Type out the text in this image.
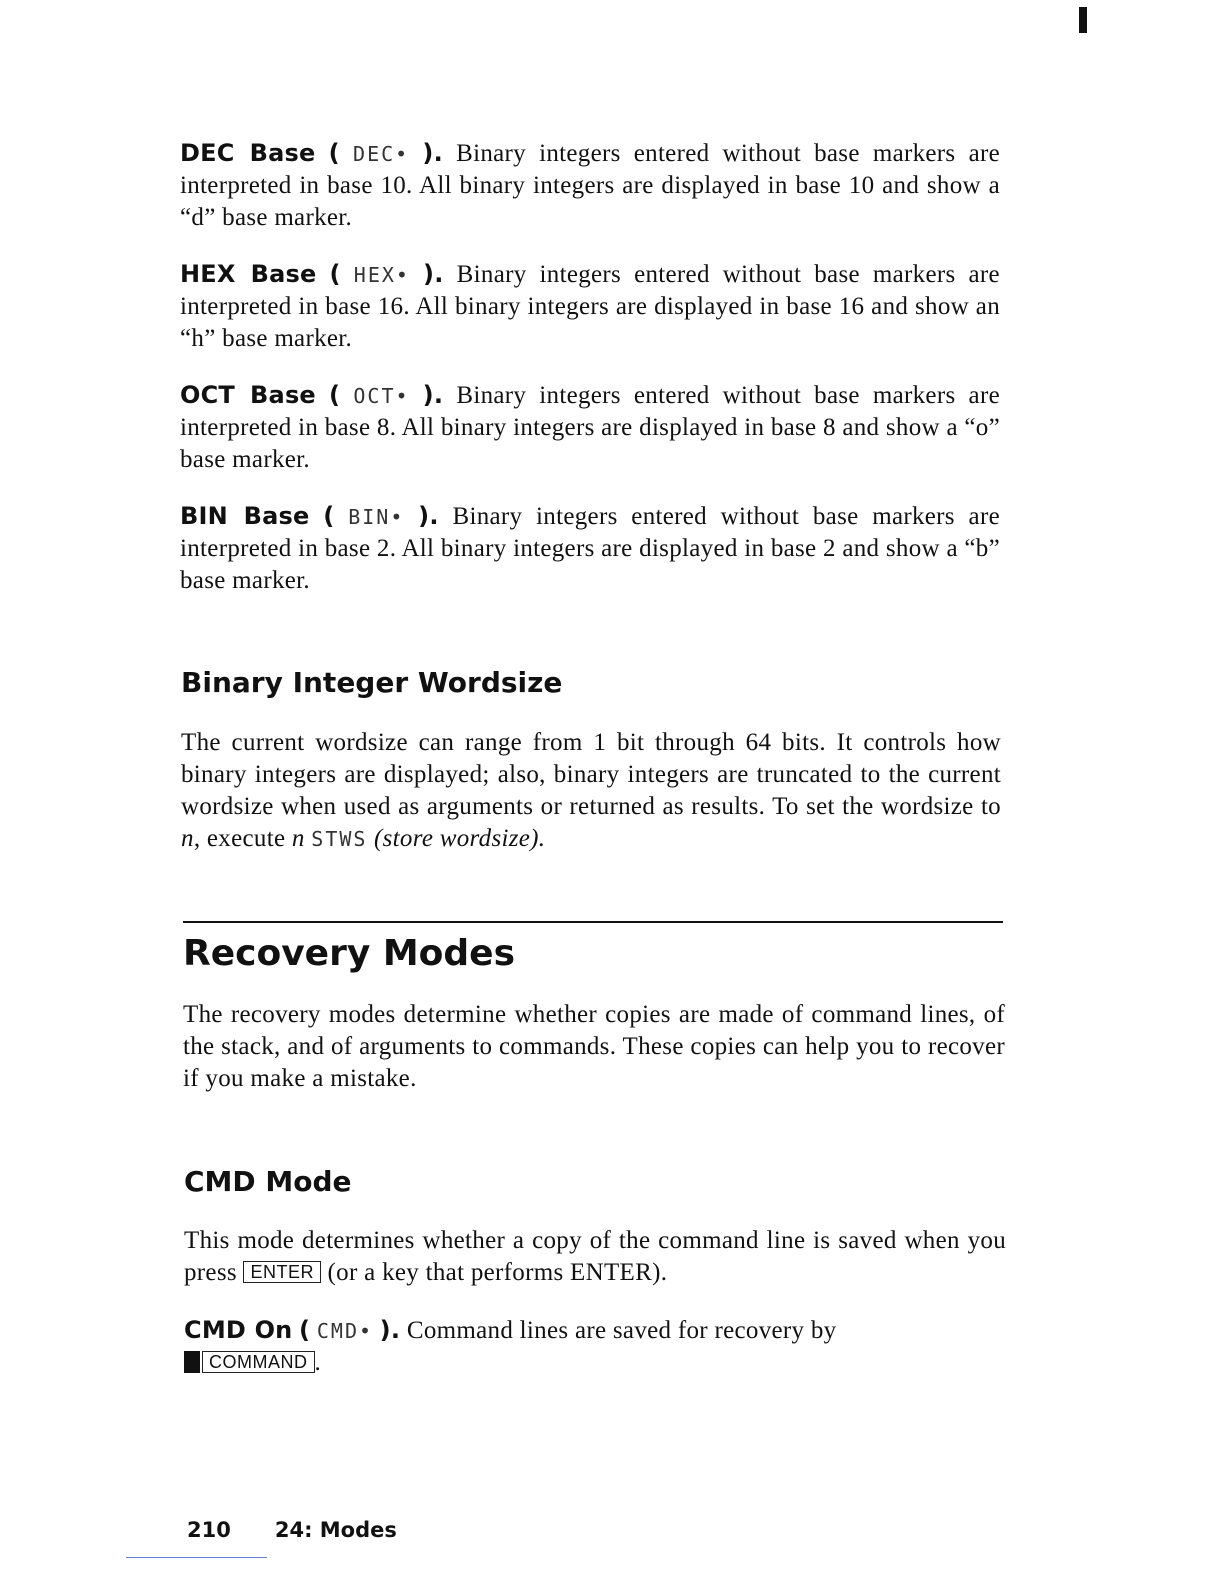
DEC Base ( DEC• ). Binary integers entered without base markers are interpreted in base 10. All binary integers are displayed in base 10 and show a “d” base marker.

HEX Base ( HEX• ). Binary integers entered without base markers are interpreted in base 16. All binary integers are displayed in base 16 and show an “h” base marker.

OCT Base ( OCT• ). Binary integers entered without base markers are interpreted in base 8. All binary integers are displayed in base 8 and show a “o” base marker.

BIN Base ( BIN• ). Binary integers entered without base markers are interpreted in base 2. All binary integers are displayed in base 2 and show a “b” base marker.

Binary Integer Wordsize

The current wordsize can range from 1 bit through 64 bits. It controls how binary integers are displayed; also, binary integers are truncated to the current wordsize when used as arguments or returned as results. To set the wordsize to n, execute n STWS (store wordsize).

Recovery Modes

The recovery modes determine whether copies are made of command lines, of the stack, and of arguments to commands. These copies can help you to recover if you make a mistake.

CMD Mode

This mode determines whether a copy of the command line is saved when you press ENTER (or a key that performs ENTER).

CMD On ( CMD• ). Command lines are saved for recovery by
COMMAND .

210 24: Modes
